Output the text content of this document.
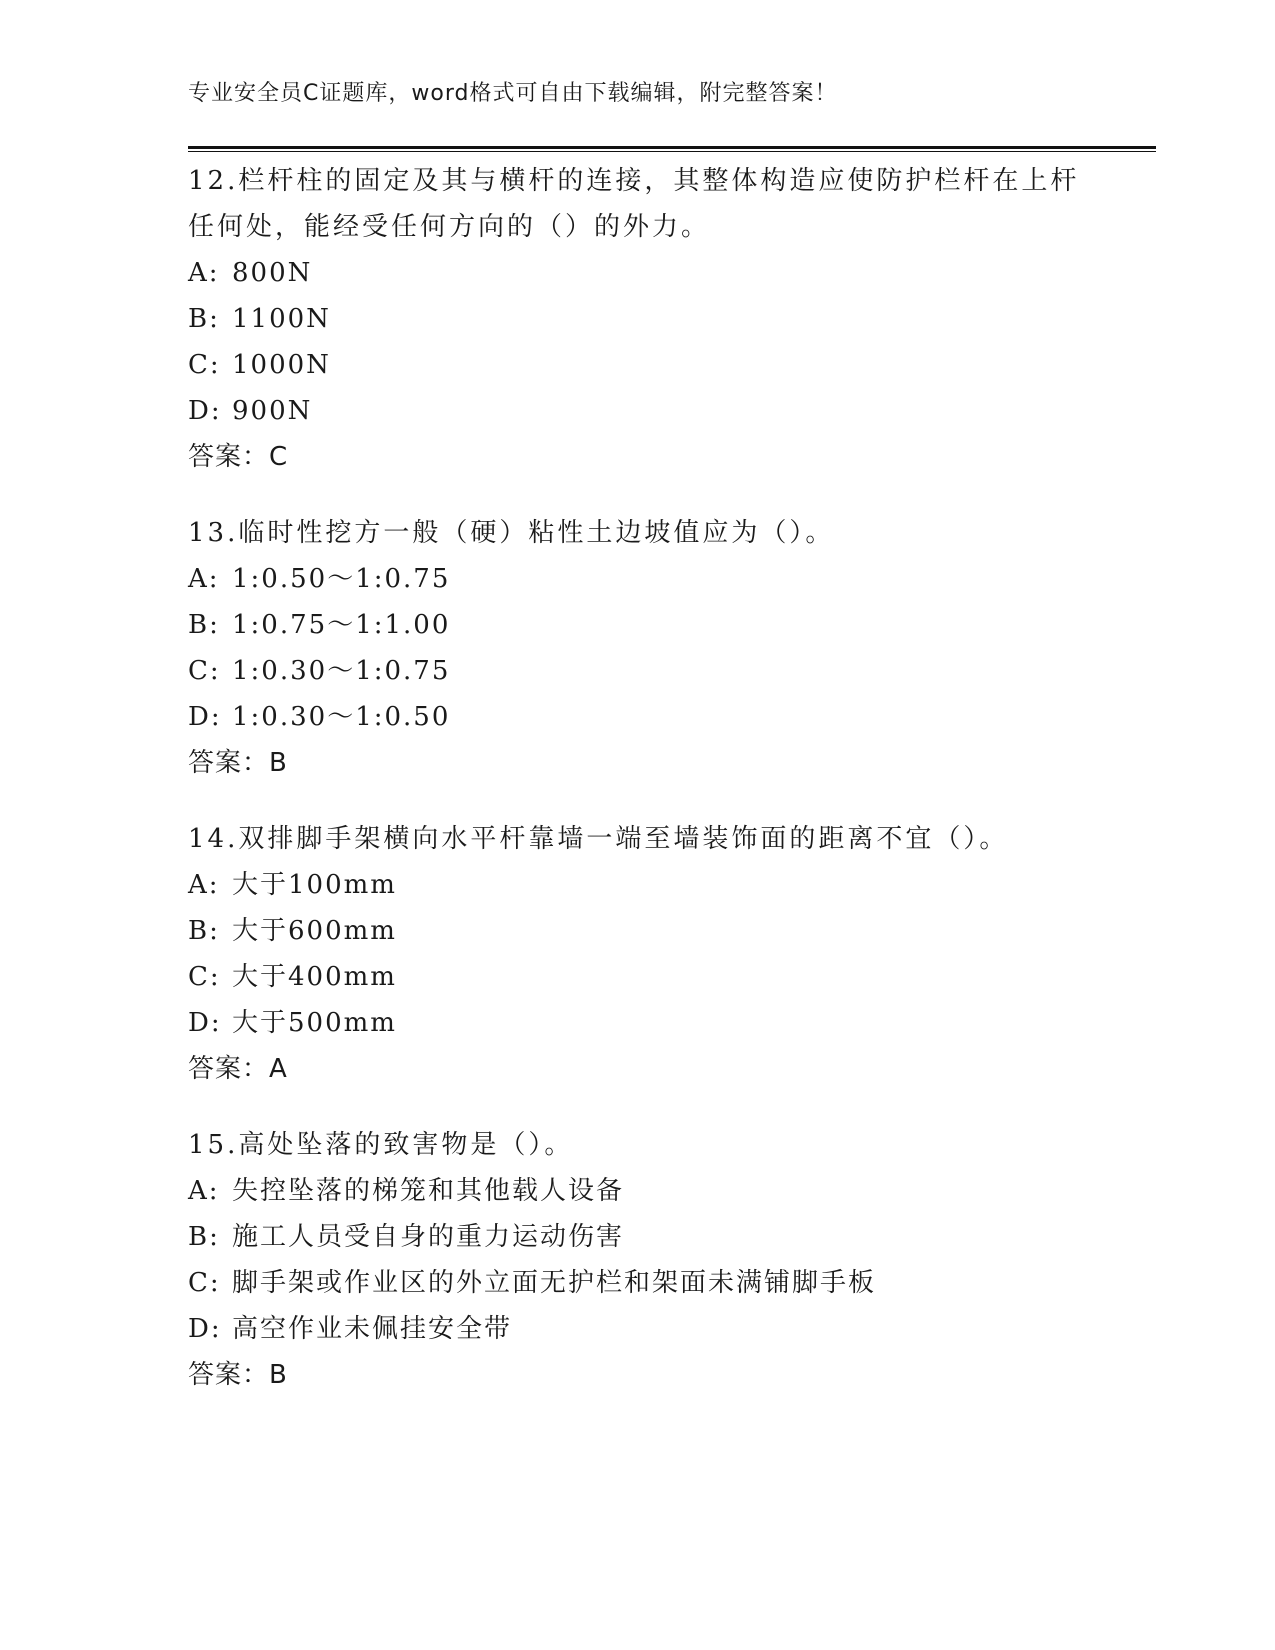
专业安全员C证题库，word格式可自由下载编辑，附完整答案！
12.栏杆柱的固定及其与横杆的连接，其整体构造应使防护栏杆在上杆任何处，能经受任何方向的（）的外力。
A: 800N
B: 1100N
C: 1000N
D: 900N
答案：C
13.临时性挖方一般（硬）粘性土边坡值应为（）。
A: 1:0.50～1:0.75
B: 1:0.75～1:1.00
C: 1:0.30～1:0.75
D: 1:0.30～1:0.50
答案：B
14.双排脚手架横向水平杆靠墙一端至墙装饰面的距离不宜（）。
A: 大于100mm
B: 大于600mm
C: 大于400mm
D: 大于500mm
答案：A
15.高处坠落的致害物是（）。
A: 失控坠落的梯笼和其他载人设备
B: 施工人员受自身的重力运动伤害
C: 脚手架或作业区的外立面无护栏和架面未满铺脚手板
D: 高空作业未佩挂安全带
答案：B
